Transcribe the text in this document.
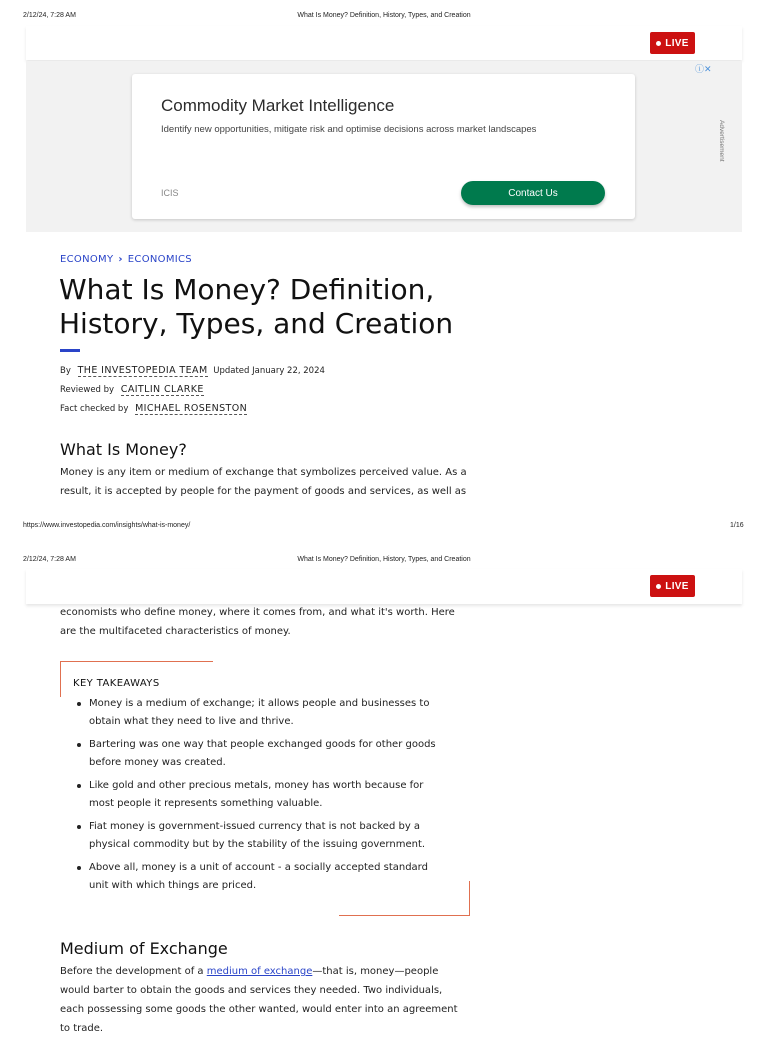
2/12/24, 7:28 AM	What Is Money? Definition, History, Types, and Creation
LIVE
ⓘ✕
Commodity Market Intelligence
Identify new opportunities, mitigate risk and optimise decisions across market landscapes
ICIS	Contact Us
Advertisement
ECONOMY › ECONOMICS
What Is Money? Definition, History, Types, and Creation
By THE INVESTOPEDIA TEAM Updated January 22, 2024
Reviewed by CAITLIN CLARKE
Fact checked by MICHAEL ROSENSTON
What Is Money?
Money is any item or medium of exchange that symbolizes perceived value. As a
result, it is accepted by people for the payment of goods and services, as well as
https://www.investopedia.com/insights/what-is-money/	1/16
2/12/24, 7:28 AM	What Is Money? Definition, History, Types, and Creation
LIVE
economists who define money, where it comes from, and what it's worth. Here
are the multifaceted characteristics of money.
KEY TAKEAWAYS
Money is a medium of exchange; it allows people and businesses to obtain what they need to live and thrive.
Bartering was one way that people exchanged goods for other goods before money was created.
Like gold and other precious metals, money has worth because for most people it represents something valuable.
Fiat money is government-issued currency that is not backed by a physical commodity but by the stability of the issuing government.
Above all, money is a unit of account - a socially accepted standard unit with which things are priced.
Medium of Exchange
Before the development of a medium of exchange—that is, money—people
would barter to obtain the goods and services they needed. Two individuals,
each possessing some goods the other wanted, would enter into an agreement
to trade.
